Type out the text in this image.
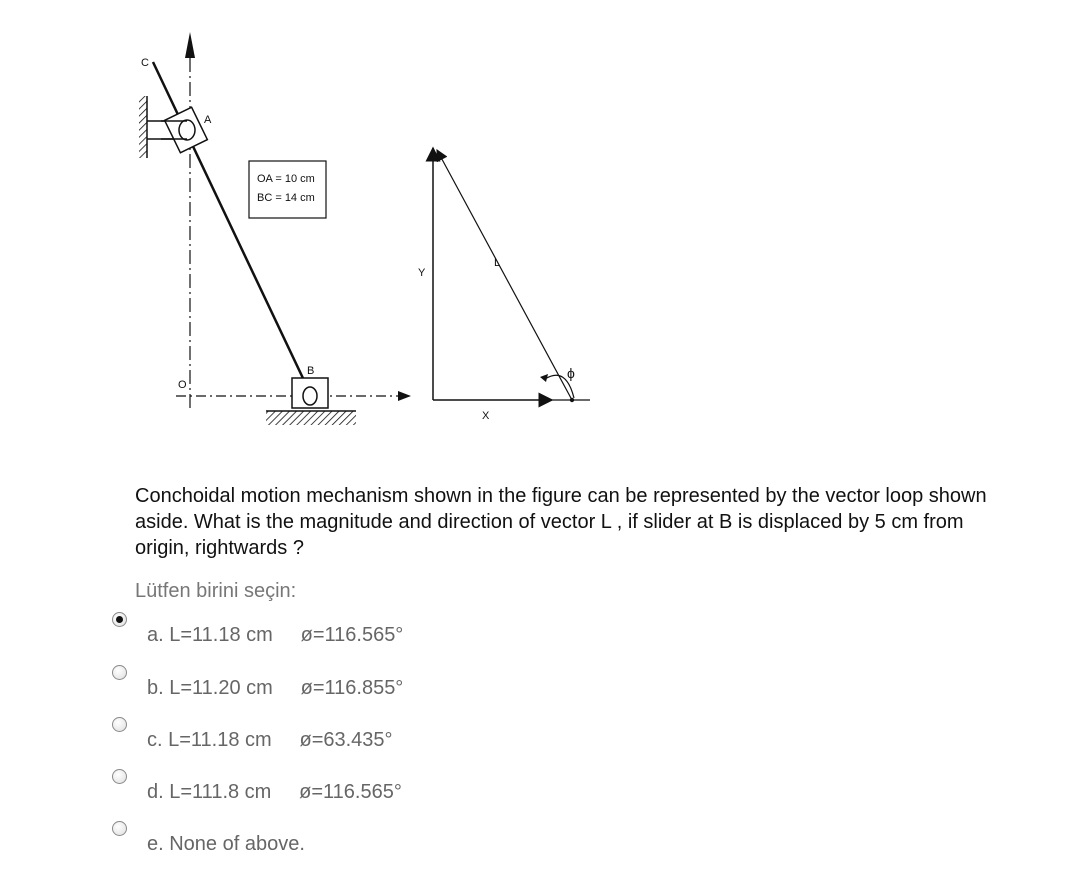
C
A
B
O
OA = 10 cm
BC = 14 cm
Y
L
X
ϕ
Conchoidal motion mechanism shown in the figure can be represented by the vector loop shown aside. What is the magnitude and direction of vector L , if slider at B is displaced by 5 cm from origin, rightwards ?
Lütfen birini seçin:
a. L=11.18 cm     ø=116.565°
b. L=11.20 cm     ø=116.855°
c. L=11.18 cm     ø=63.435°
d. L=111.8 cm     ø=116.565°
e. None of above.
